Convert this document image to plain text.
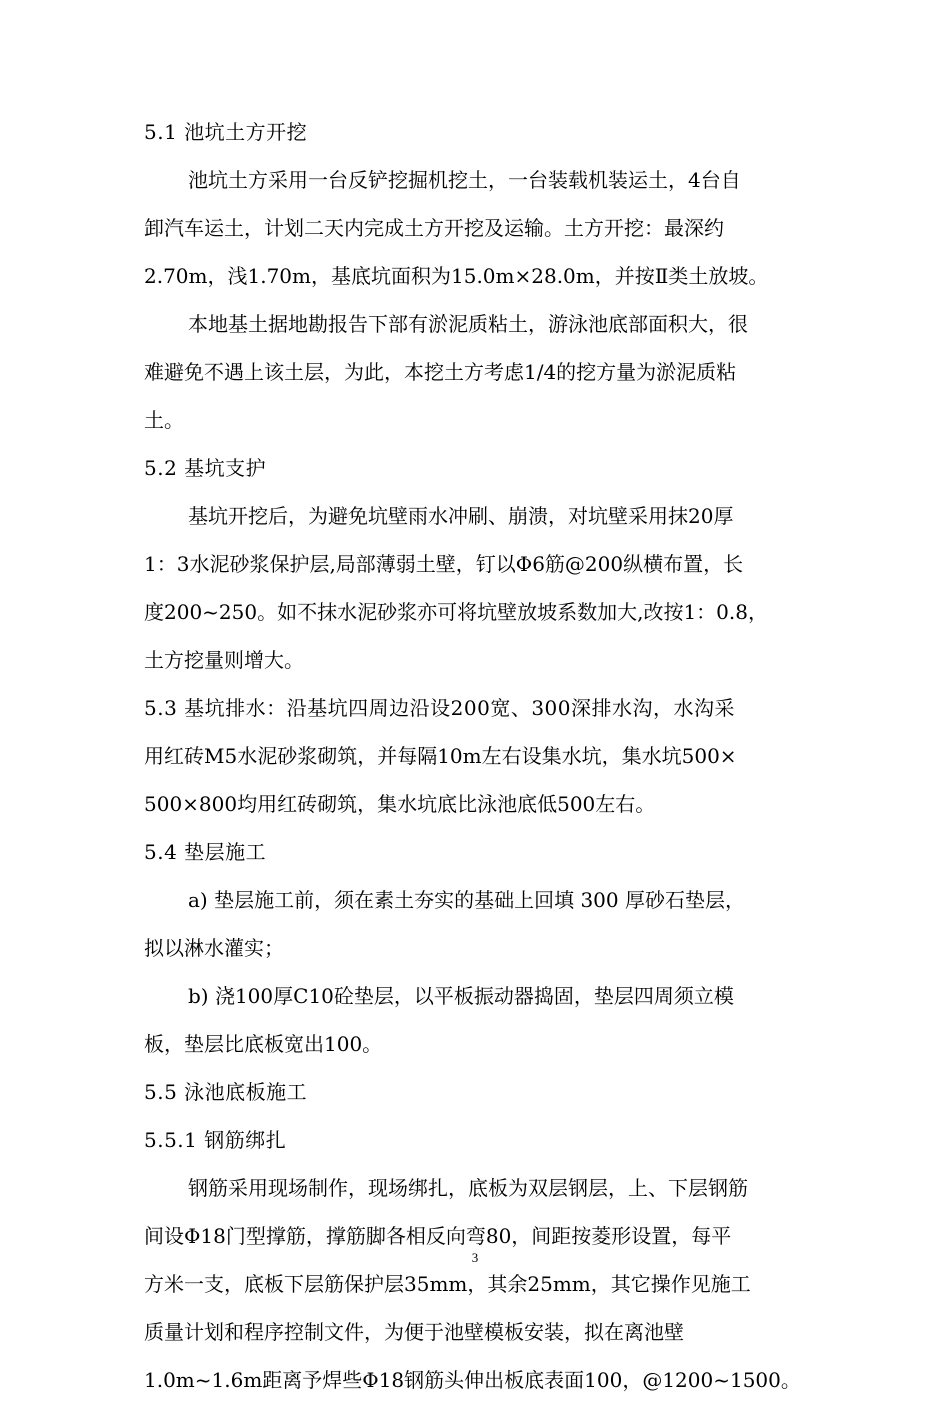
5.1 池坑土方开挖
池坑土方采用一台反铲挖掘机挖土，一台装载机装运土，4台自
卸汽车运土，计划二天内完成土方开挖及运输。土方开挖：最深约
2.70m，浅1.70m，基底坑面积为15.0m×28.0m，并按Ⅱ类土放坡。
本地基土据地勘报告下部有淤泥质粘土，游泳池底部面积大，很
难避免不遇上该土层，为此，本挖土方考虑1/4的挖方量为淤泥质粘
土。
5.2 基坑支护
基坑开挖后，为避免坑壁雨水冲刷、崩溃，对坑壁采用抹20厚
1：3水泥砂浆保护层,局部薄弱土壁，钉以Φ6筋@200纵横布置，长
度200~250。如不抹水泥砂浆亦可将坑壁放坡系数加大,改按1：0.8，
土方挖量则增大。
5.3 基坑排水：沿基坑四周边沿设200宽、300深排水沟，水沟采
用红砖M5水泥砂浆砌筑，并每隔10m左右设集水坑，集水坑500×
500×800均用红砖砌筑，集水坑底比泳池底低500左右。
5.4 垫层施工
a) 垫层施工前，须在素土夯实的基础上回填 300 厚砂石垫层，
拟以淋水灌实；
b) 浇100厚C10砼垫层，以平板振动器捣固，垫层四周须立模
板，垫层比底板宽出100。
5.5 泳池底板施工
5.5.1 钢筋绑扎
钢筋采用现场制作，现场绑扎，底板为双层钢层，上、下层钢筋
间设Φ18门型撑筋，撑筋脚各相反向弯80，间距按菱形设置，每平
方米一支，底板下层筋保护层35mm，其余25mm，其它操作见施工
质量计划和程序控制文件，为便于池壁模板安装，拟在离池壁
1.0m~1.6m距离予焊些Φ18钢筋头伸出板底表面100，@1200~1500。
3
